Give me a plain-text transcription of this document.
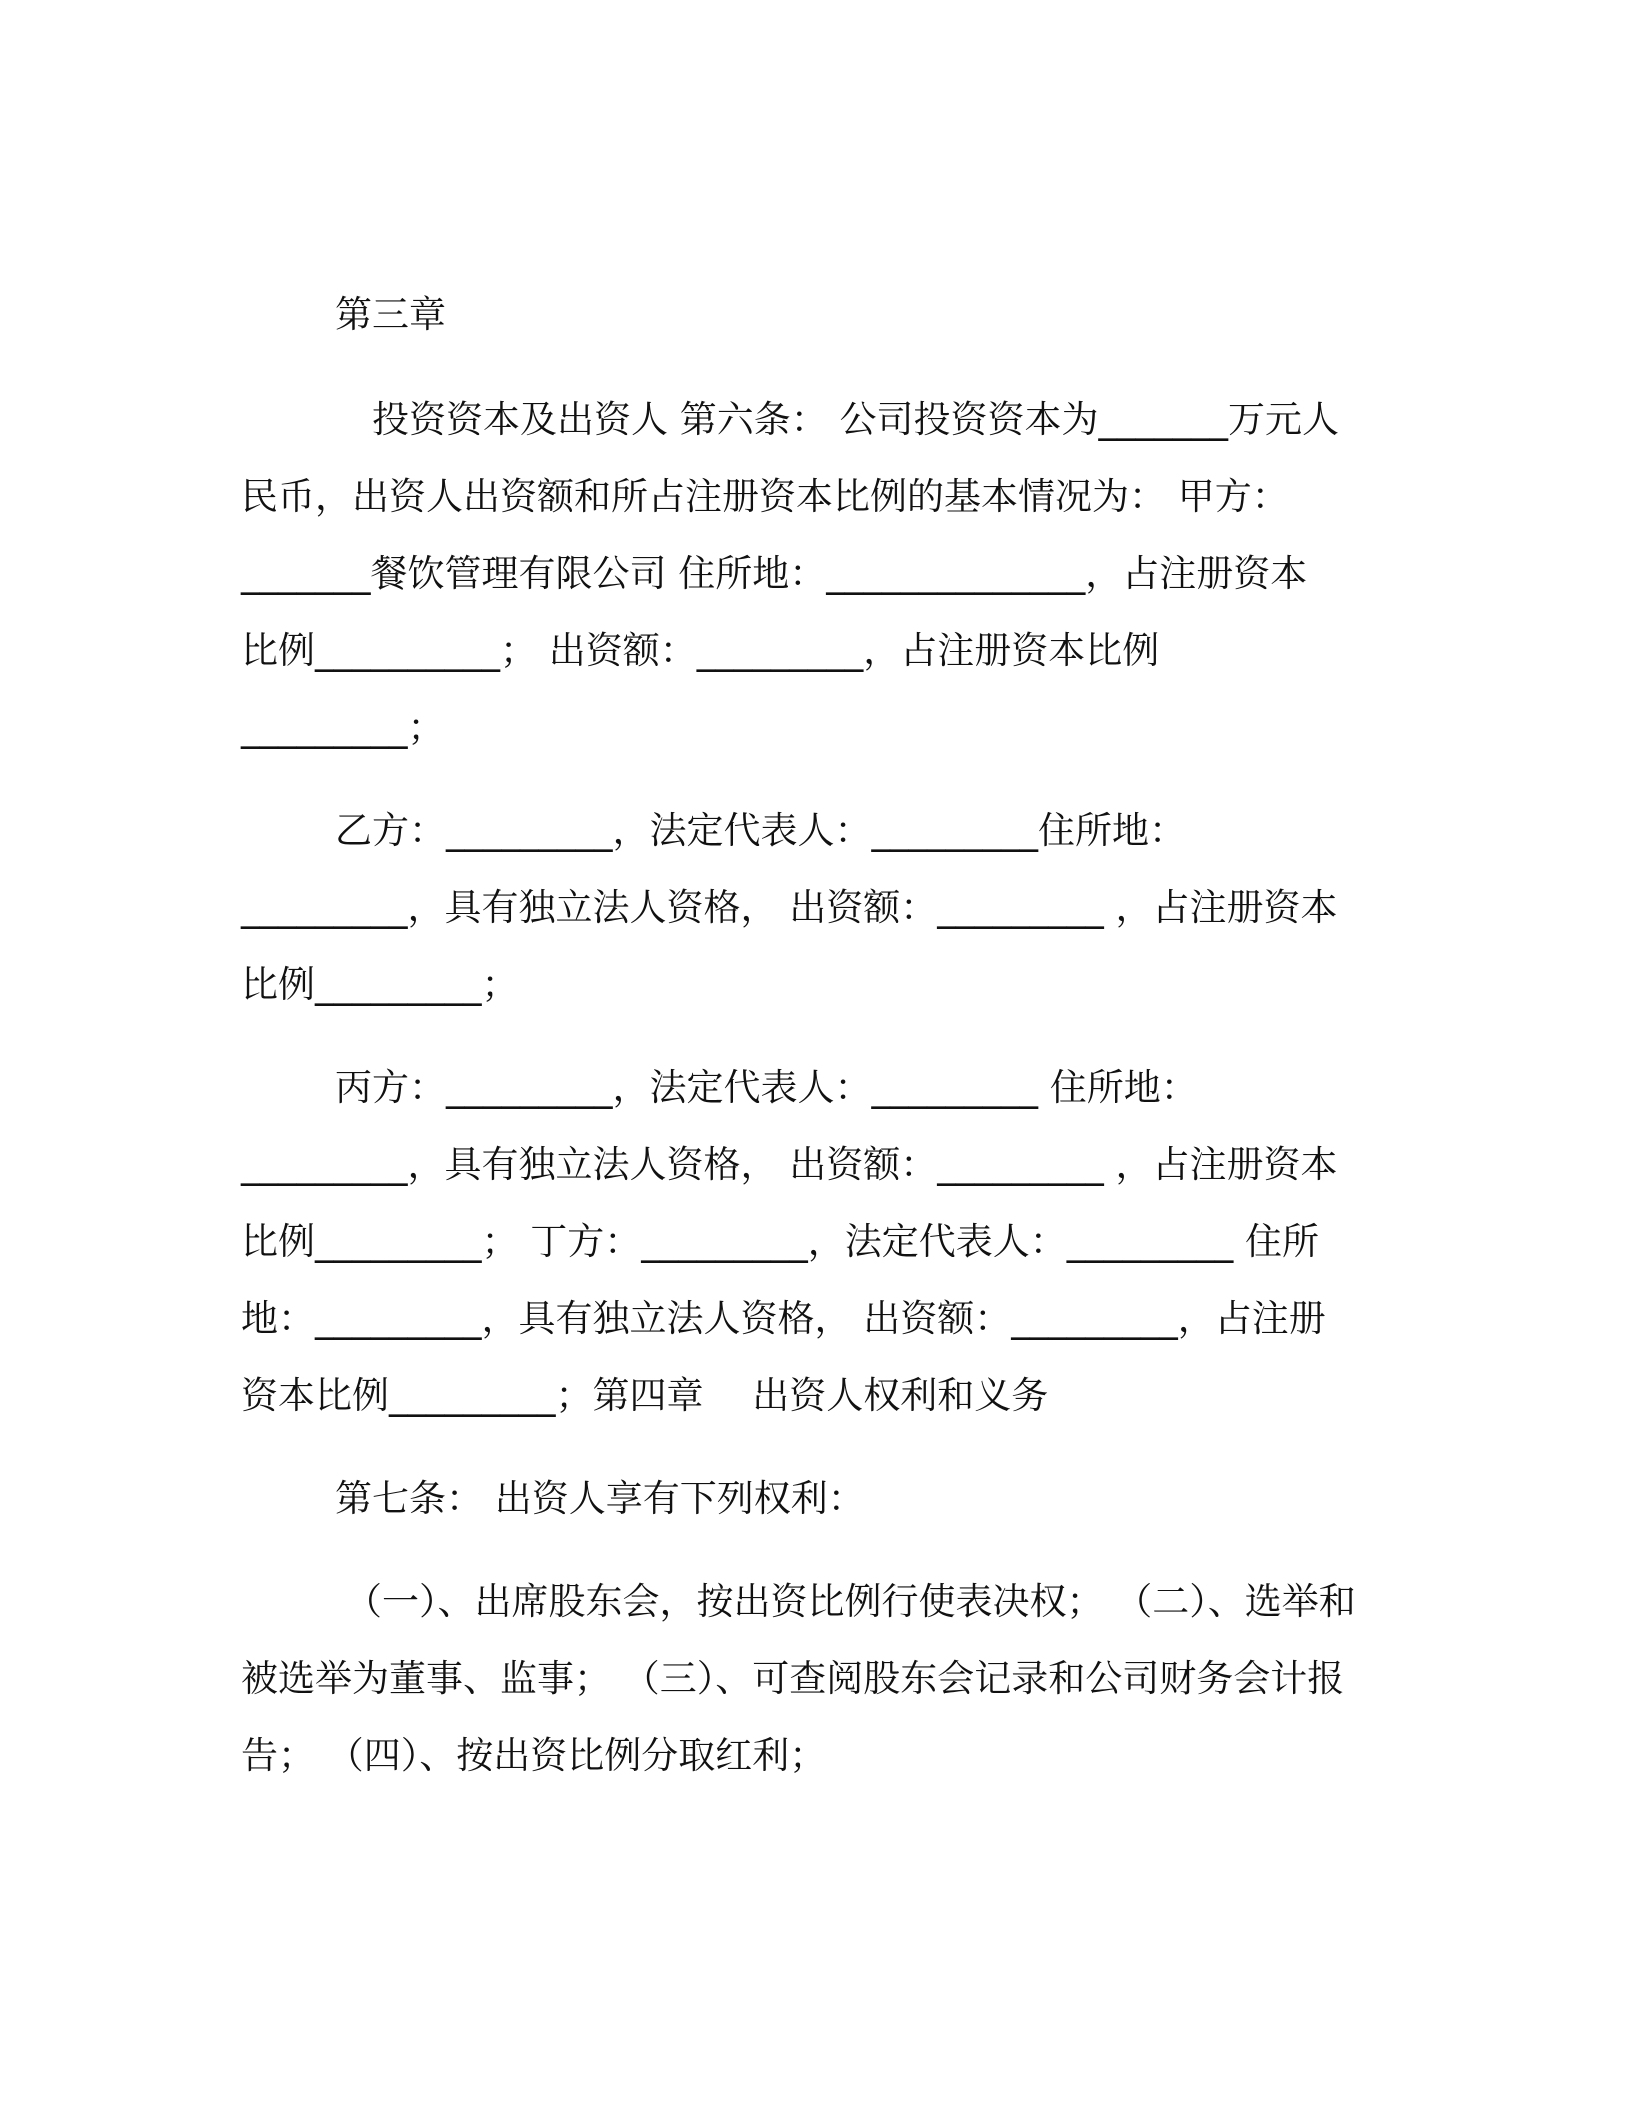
第三章
投资资本及出资人 第六条： 公司投资资本为_______万元人
民币，出资人出资额和所占注册资本比例的基本情况为： 甲方：
_______餐饮管理有限公司 住所地：______________，占注册资本
比例__________； 出资额：_________，占注册资本比例
_________；
乙方：_________，法定代表人：_________住所地：
_________，具有独立法人资格， 出资额：_________ ，占注册资本
比例_________；
丙方：_________，法定代表人：_________ 住所地：
_________，具有独立法人资格， 出资额：_________ ，占注册资本
比例_________； 丁方：_________，法定代表人：_________ 住所
地：_________，具有独立法人资格， 出资额：_________，占注册
资本比例_________；第四章　 出资人权利和义务
第七条： 出资人享有下列权利：
（一）、出席股东会，按出资比例行使表决权； （二）、选举和
被选举为董事、监事； （三）、可查阅股东会记录和公司财务会计报
告； （四）、按出资比例分取红利；
